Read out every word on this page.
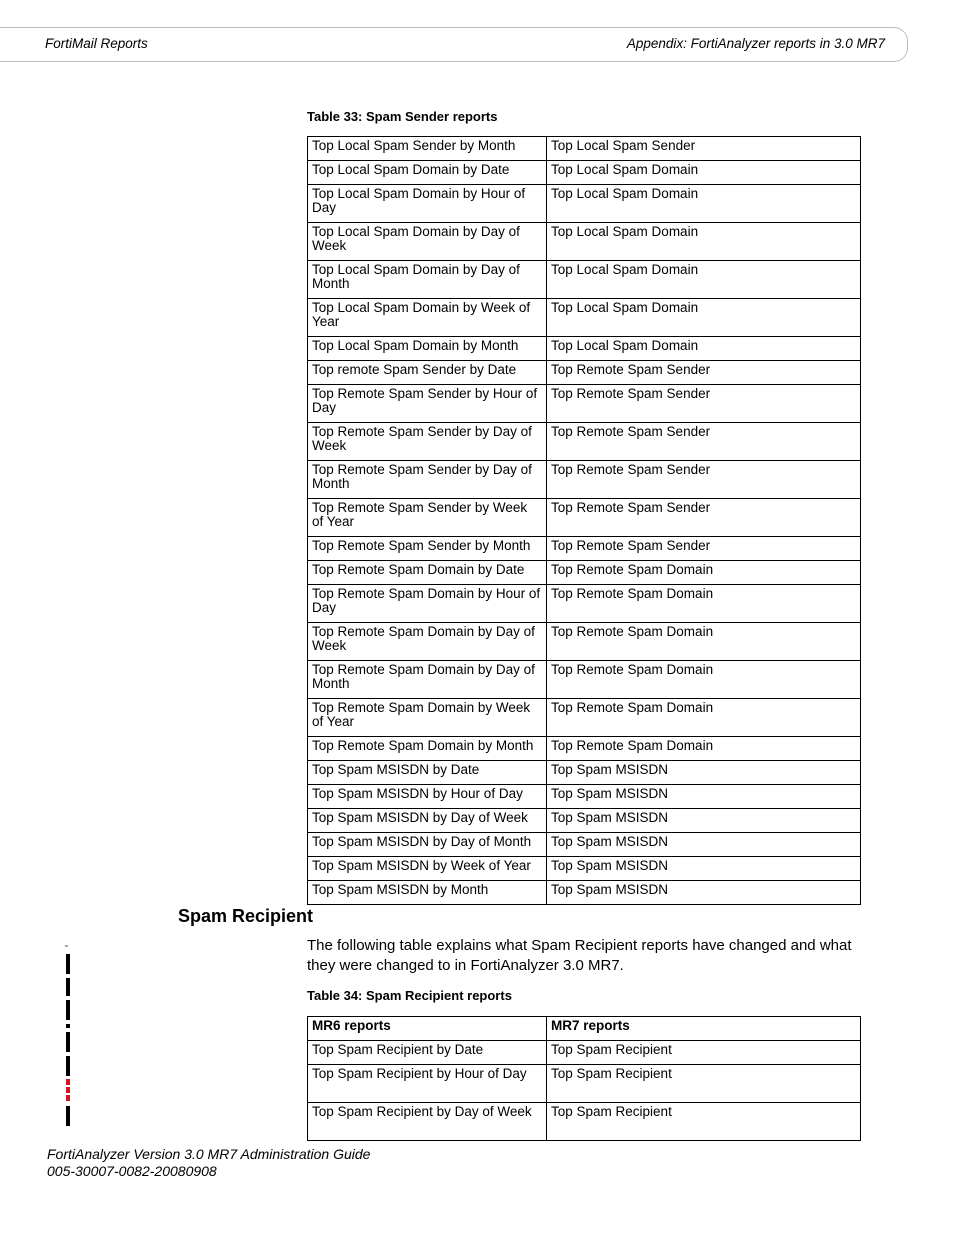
FortiMail Reports	Appendix: FortiAnalyzer reports in 3.0 MR7
Table 33: Spam Sender reports
Top Local Spam Sender by Month	Top Local Spam Sender
Top Local Spam Domain by Date	Top Local Spam Domain
Top Local Spam Domain by Hour of Day	Top Local Spam Domain
Top Local Spam Domain by Day of Week	Top Local Spam Domain
Top Local Spam Domain by Day of Month	Top Local Spam Domain
Top Local Spam Domain by Week of Year	Top Local Spam Domain
Top Local Spam Domain by Month	Top Local Spam Domain
Top remote Spam Sender by Date	Top Remote Spam Sender
Top Remote Spam Sender by Hour of Day	Top Remote Spam Sender
Top Remote Spam Sender by Day of Week	Top Remote Spam Sender
Top Remote Spam Sender by Day of Month	Top Remote Spam Sender
Top Remote Spam Sender by Week of Year	Top Remote Spam Sender
Top Remote Spam Sender by Month	Top Remote Spam Sender
Top Remote Spam Domain by Date	Top Remote Spam Domain
Top Remote Spam Domain by Hour of Day	Top Remote Spam Domain
Top Remote Spam Domain by Day of Week	Top Remote Spam Domain
Top Remote Spam Domain by Day of Month	Top Remote Spam Domain
Top Remote Spam Domain by Week of Year	Top Remote Spam Domain
Top Remote Spam Domain by Month	Top Remote Spam Domain
Top Spam MSISDN by Date	Top Spam MSISDN
Top Spam MSISDN by Hour of Day	Top Spam MSISDN
Top Spam MSISDN by Day of Week	Top Spam MSISDN
Top Spam MSISDN by Day of Month	Top Spam MSISDN
Top Spam MSISDN by Week of Year	Top Spam MSISDN
Top Spam MSISDN by Month	Top Spam MSISDN
Spam Recipient
The following table explains what Spam Recipient reports have changed and what they were changed to in FortiAnalyzer 3.0 MR7.
Table 34: Spam Recipient reports
MR6 reports	MR7 reports
Top Spam Recipient by Date	Top Spam Recipient
Top Spam Recipient by Hour of Day	Top Spam Recipient
Top Spam Recipient by Day of Week	Top Spam Recipient
™
FortiAnalyzer Version 3.0 MR7 Administration Guide
005-30007-0082-20080908
